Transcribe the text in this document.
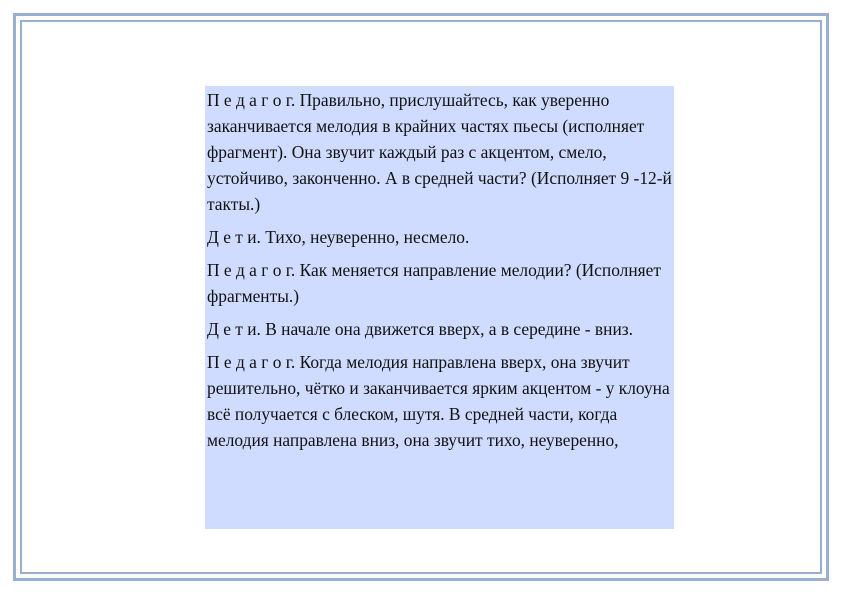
П е д а г о г. Правильно, прислушайтесь, как уверенно заканчивается мелодия в крайних частях пьесы (исполняет фрагмент). Она звучит каждый раз с акцентом, смело, устойчиво, законченно. А в средней части? (Исполняет 9 -12-й такты.)

Д е т и. Тихо, неуверенно, несмело.

П е д а г о г. Как меняется направление мелодии? (Исполняет фрагменты.)

Д е т и. В начале она движется вверх, а в середине - вниз.

П е д а г о г. Когда мелодия направлена вверх, она звучит решительно, чётко и заканчивается ярким акцентом - у клоуна всё получается с блеском, шутя. В средней части, когда мелодия направлена вниз, она звучит тихо, неуверенно,
